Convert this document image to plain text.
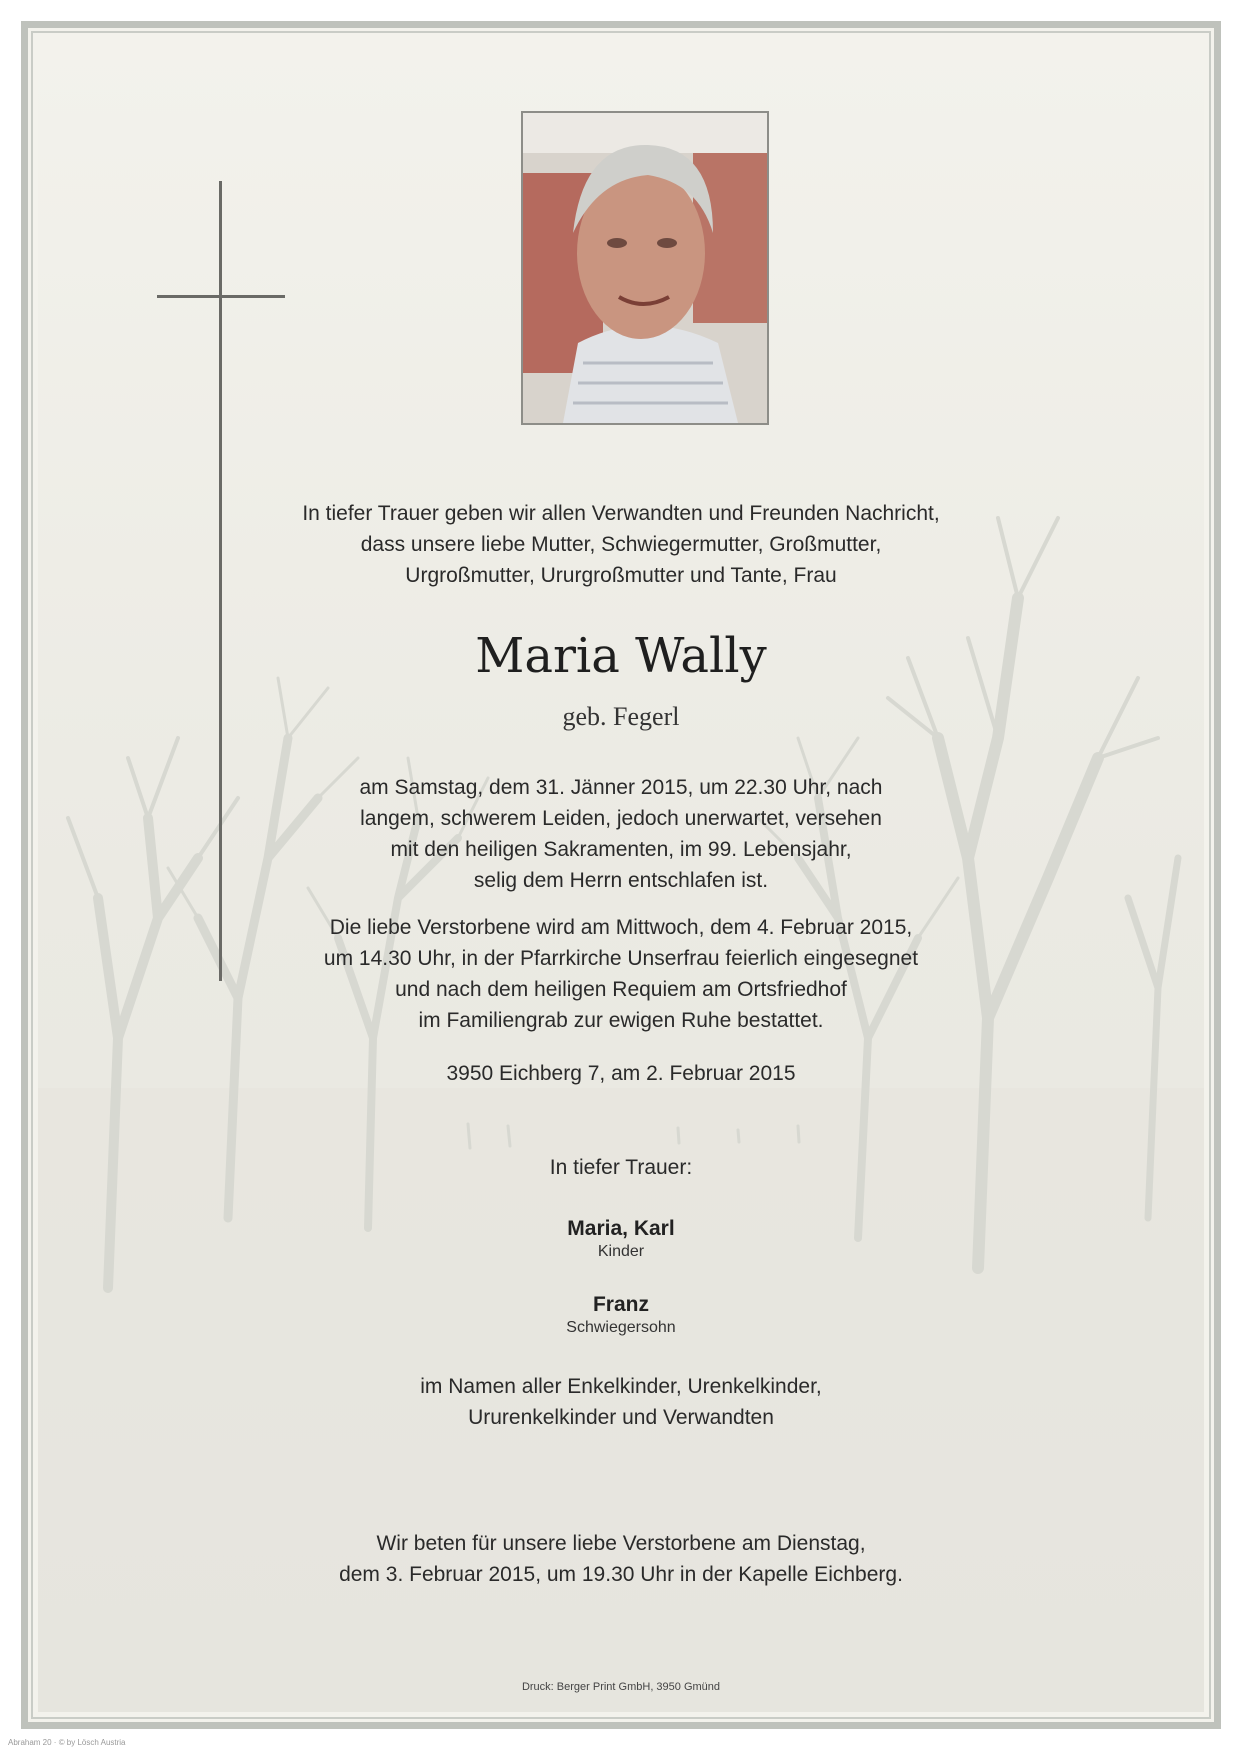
In tiefer Trauer geben wir allen Verwandten und Freunden Nachricht,
dass unsere liebe Mutter, Schwiegermutter, Großmutter,
Urgroßmutter, Ururgroßmutter und Tante, Frau
Maria Wally
geb. Fegerl
am Samstag, dem 31. Jänner 2015, um 22.30 Uhr, nach
langem, schwerem Leiden, jedoch unerwartet, versehen
mit den heiligen Sakramenten, im 99. Lebensjahr,
selig dem Herrn entschlafen ist.
Die liebe Verstorbene wird am Mittwoch, dem 4. Februar 2015,
um 14.30 Uhr, in der Pfarrkirche Unserfrau feierlich eingesegnet
und nach dem heiligen Requiem am Ortsfriedhof
im Familiengrab zur ewigen Ruhe bestattet.
3950 Eichberg 7, am 2. Februar 2015
In tiefer Trauer:
Maria, Karl
Kinder
Franz
Schwiegersohn
im Namen aller Enkelkinder, Urenkelkinder,
Ururenkelkinder und Verwandten
Wir beten für unsere liebe Verstorbene am Dienstag,
dem 3. Februar 2015, um 19.30 Uhr in der Kapelle Eichberg.
Druck: Berger Print GmbH, 3950 Gmünd
Abraham 20 · © by Lösch Austria
